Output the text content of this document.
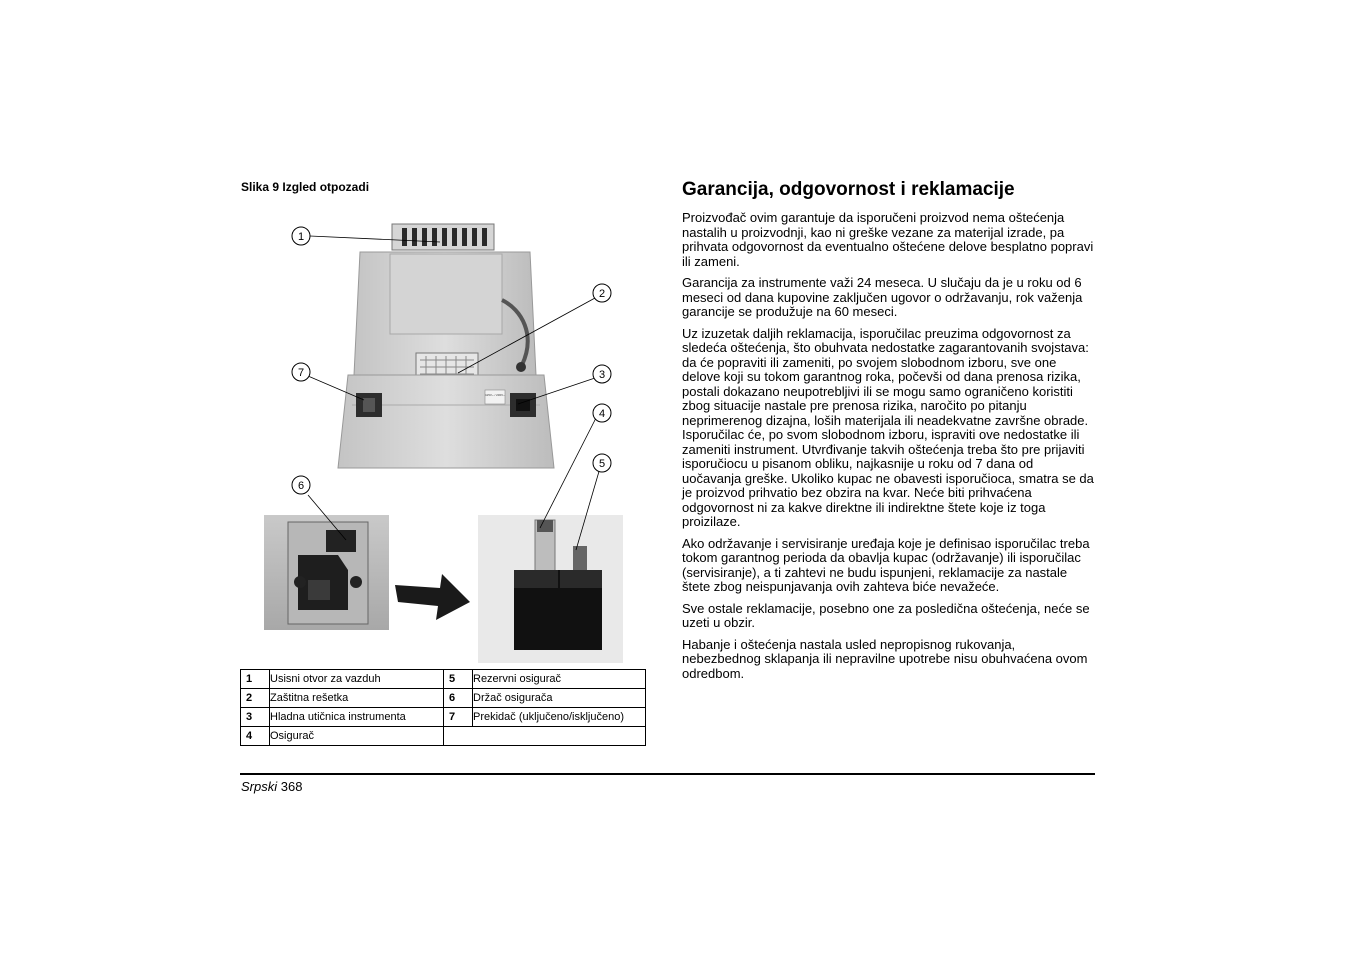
Slika 9 Izgled otpozadi
115V~ / 230V~
1
2
3
4
5
6
7
1	Usisni otvor za vazduh	5	Rezervni osigurač
2	Zaštitna rešetka	6	Držač osigurača
3	Hladna utičnica instrumenta	7	Prekidač (uključeno/isključeno)
4	Osigurač		
Garancija, odgovornost i reklamacije

Proizvođač ovim garantuje da isporučeni proizvod nema oštećenja nastalih u proizvodnji, kao ni greške vezane za materijal izrade, pa prihvata odgovornost da eventualno oštećene delove besplatno popravi ili zameni.

Garancija za instrumente važi 24 meseca. U slučaju da je u roku od 6 meseci od dana kupovine zaključen ugovor o održavanju, rok važenja garancije se produžuje na 60 meseci.

Uz izuzetak daljih reklamacija, isporučilac preuzima odgovornost za sledeća oštećenja, što obuhvata nedostatke zagarantovanih svojstava: da će popraviti ili zameniti, po svojem slobodnom izboru, sve one delove koji su tokom garantnog roka, počevši od dana prenosa rizika, postali dokazano neupotrebljivi ili se mogu samo ograničeno koristiti zbog situacije nastale pre prenosa rizika, naročito po pitanju neprimerenog dizajna, loših materijala ili neadekvatne završne obrade. Isporučilac će, po svom slobodnom izboru, ispraviti ove nedostatke ili zameniti instrument. Utvrđivanje takvih oštećenja treba što pre prijaviti isporučiocu u pisanom obliku, najkasnije u roku od 7 dana od uočavanja greške. Ukoliko kupac ne obavesti isporučioca, smatra se da je proizvod prihvatio bez obzira na kvar. Neće biti prihvaćena odgovornost ni za kakve direktne ili indirektne štete koje iz toga proizilaze.

Ako održavanje i servisiranje uređaja koje je definisao isporučilac treba tokom garantnog perioda da obavlja kupac (održavanje) ili isporučilac (servisiranje), a ti zahtevi ne budu ispunjeni, reklamacije za nastale štete zbog neispunjavanja ovih zahteva biće nevažeće.

Sve ostale reklamacije, posebno one za posledična oštećenja, neće se uzeti u obzir.

Habanje i oštećenja nastala usled nepropisnog rukovanja, nebezbednog sklapanja ili nepravilne upotrebe nisu obuhvaćena ovom odredbom.

Srpski 368
